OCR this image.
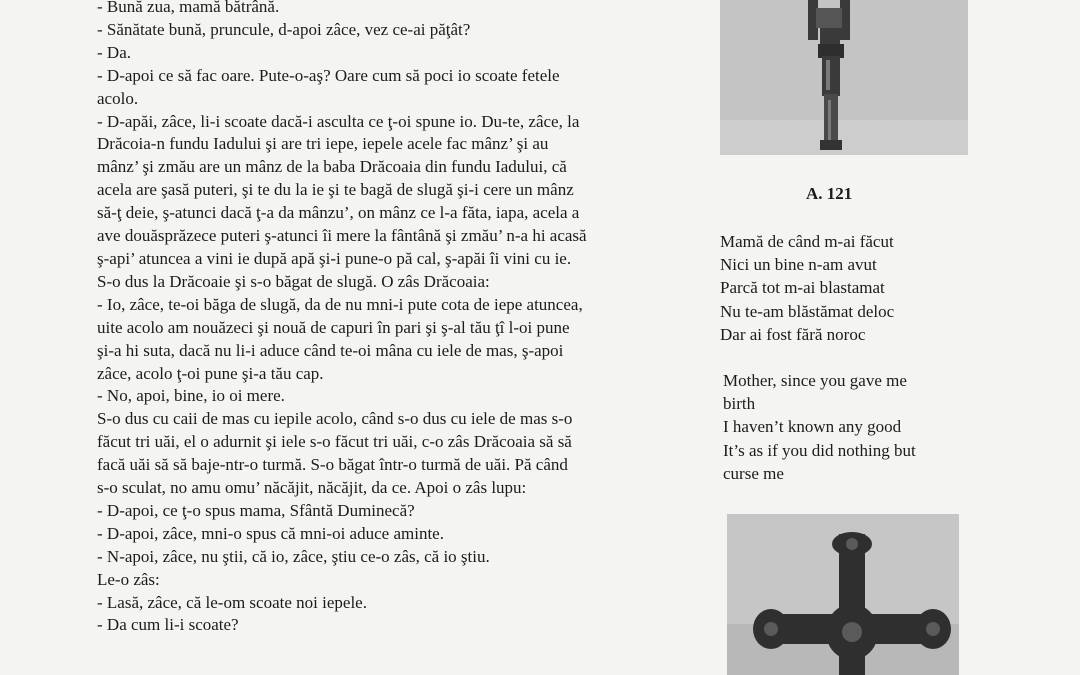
- Bună zua, mamă bătrână.
- Sănătate bună, pruncule, d-apoi zâce, vez ce-ai păţât?
- Da.
- D-apoi ce să fac oare. Pute-o-aş? Oare cum să poci io scoate fetele
acolo.
- D-apăi, zâce, li-i scoate dacă-i asculta ce ţ-oi spune io. Du-te, zâce, la
Drăcoia-n fundu Iadului şi are tri iepe, iepele acele fac mânz’ şi au
mânz’ şi zmău are un mânz de la baba Drăcoaia din fundu Iadului, că
acela are şasă puteri, şi te du la ie şi te bagă de slugă şi-i cere un mânz
să-ţ deie, ş-atunci dacă ţ-a da mânzu’, on mânz ce l-a făta, iapa, acela a
ave douăsprăzece puteri ş-atunci îi mere la fântână şi zmău’ n-a hi acasă
ş-api’ atuncea a vini ie după apă şi-i pune-o pă cal, ş-apăi îi vini cu ie.
S-o dus la Drăcoaie şi s-o băgat de slugă. O zâs Drăcoaia:
- Io, zâce, te-oi băga de slugă, da de nu mni-i pute cota de iepe atuncea,
uite acolo am nouăzeci şi nouă de capuri în pari şi ş-al tău ţî l-oi pune
şi-a hi suta, dacă nu li-i aduce când te-oi mâna cu iele de mas, ş-apoi
zâce, acolo ţ-oi pune şi-a tău cap.
- No, apoi, bine, io oi mere.
S-o dus cu caii de mas cu iepile acolo, când s-o dus cu iele de mas s-o
făcut tri uăi, el o adurnit şi iele s-o făcut tri uăi, c-o zâs Drăcoaia să să
facă uăi să să baje-ntr-o turmă. S-o băgat într-o turmă de uăi. Pă când
s-o sculat, no amu omu’ năcăjit, năcăjit, da ce. Apoi o zâs lupu:
- D-apoi, ce ţ-o spus mama, Sfântă Duminecă?
- D-apoi, zâce, mni-o spus că mni-oi aduce aminte.
- N-apoi, zâce, nu ştii, că io, zâce, ştiu ce-o zâs, că io ştiu.
Le-o zâs:
- Lasă, zâce, că le-om scoate noi iepele.
- Da cum li-i scoate?
A. 121
Mamă de când m-ai făcut
Nici un bine n-am avut
Parcă tot m-ai blastamat
Nu te-am blăstămat deloc
Dar ai fost fără noroc
Mother, since you gave me
birth
I haven’t known any good
It’s as if you did nothing but
curse me
